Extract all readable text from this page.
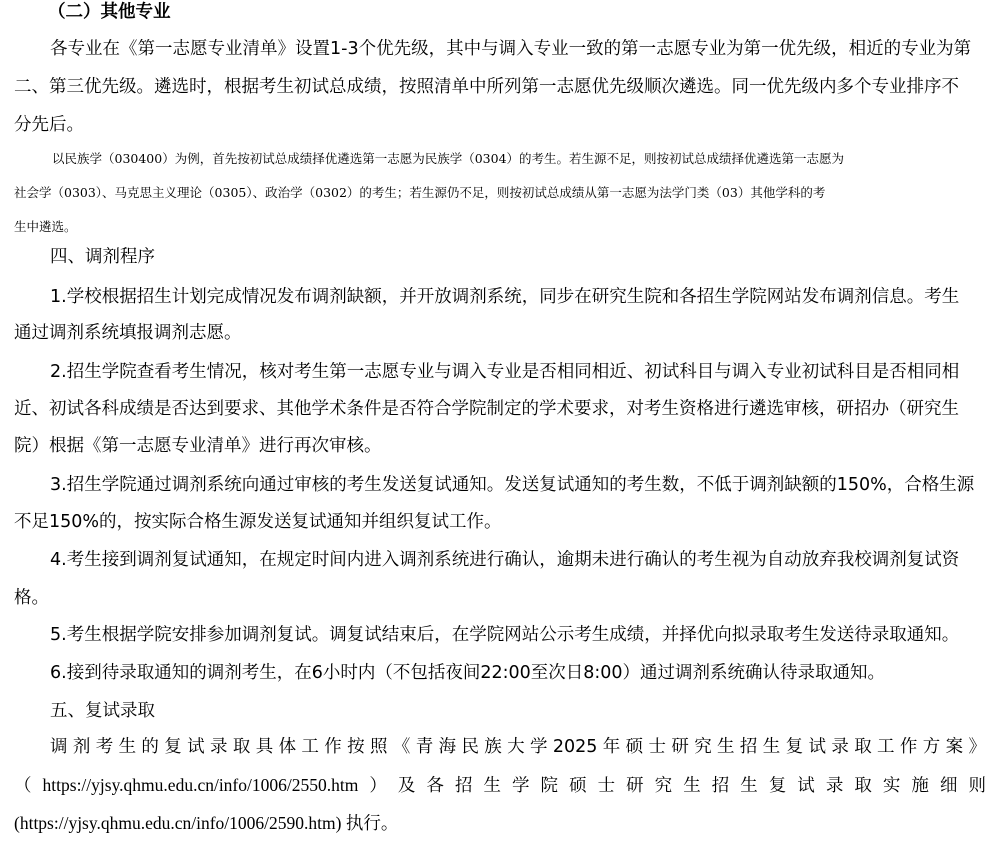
（二）其他专业

各专业在《第一志愿专业清单》设置1-3个优先级，其中与调入专业一致的第一志愿专业为第一优先级，相近的专业为第

二、第三优先级。遴选时，根据考生初试总成绩，按照清单中所列第一志愿优先级顺次遴选。同一优先级内多个专业排序不

分先后。

以民族学（030400）为例，首先按初试总成绩择优遴选第一志愿为民族学（0304）的考生。若生源不足，则按初试总成绩择优遴选第一志愿为

社会学（0303）、马克思主义理论（0305）、政治学（0302）的考生；若生源仍不足，则按初试总成绩从第一志愿为法学门类（03）其他学科的考

生中遴选。

四、调剂程序

1.学校根据招生计划完成情况发布调剂缺额，并开放调剂系统，同步在研究生院和各招生学院网站发布调剂信息。考生

通过调剂系统填报调剂志愿。

2.招生学院查看考生情况，核对考生第一志愿专业与调入专业是否相同相近、初试科目与调入专业初试科目是否相同相

近、初试各科成绩是否达到要求、其他学术条件是否符合学院制定的学术要求，对考生资格进行遴选审核，研招办（研究生

院）根据《第一志愿专业清单》进行再次审核。

3.招生学院通过调剂系统向通过审核的考生发送复试通知。发送复试通知的考生数，不低于调剂缺额的150%，合格生源

不足150%的，按实际合格生源发送复试通知并组织复试工作。

4.考生接到调剂复试通知，在规定时间内进入调剂系统进行确认，逾期未进行确认的考生视为自动放弃我校调剂复试资

格。

5.考生根据学院安排参加调剂复试。调复试结束后，在学院网站公示考生成绩，并择优向拟录取考生发送待录取通知。

6.接到待录取通知的调剂考生，在6小时内（不包括夜间22:00至次日8:00）通过调剂系统确认待录取通知。

五、复试录取

调剂考生的复试录取具体工作按照《青海民族大学2025年硕士研究生招生复试录取工作方案》

（https://yjsy.qhmu.edu.cn/info/1006/2550.htm）及各招生学院硕士研究生招生复试录取实施细则

(https://yjsy.qhmu.edu.cn/info/1006/2590.htm) 执行。
